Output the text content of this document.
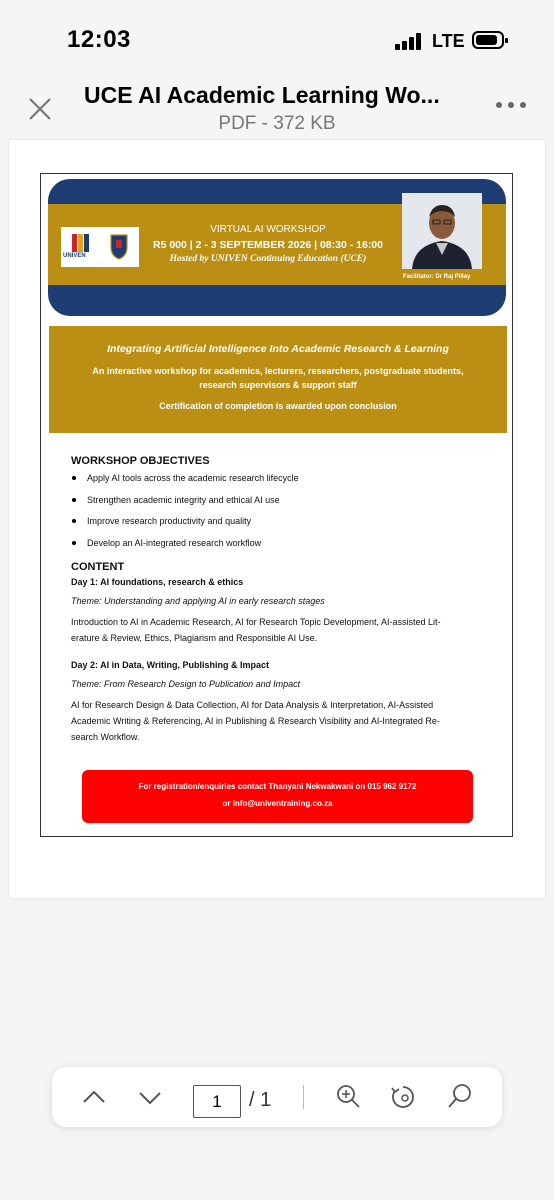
12:03	LTE
UCE AI Academic Learning Wo...
PDF - 372 KB
UNIVEN
VIRTUAL AI WORKSHOP
R5 000 | 2 - 3 SEPTEMBER 2026 | 08:30 - 16:00
Hosted by UNIVEN Continuing Education (UCE)
Facilitator: Dr Raj Pillay
Integrating Artificial Intelligence Into Academic Research & Learning
An interactive workshop for academics, lecturers, researchers, postgraduate students,
research supervisors & support staff
Certification of completion is awarded upon conclusion
WORKSHOP OBJECTIVES
Apply AI tools across the academic research lifecycle
Strengthen academic integrity and ethical AI use
Improve research productivity and quality
Develop an AI-integrated research workflow
CONTENT
Day 1: AI foundations, research & ethics
Theme: Understanding and applying AI in early research stages
Introduction to AI in Academic Research, AI for Research Topic Development, AI-assisted Lit-
erature & Review, Ethics, Plagiarism and Responsible AI Use.
Day 2: AI in Data, Writing, Publishing & Impact
Theme: From Research Design to Publication and Impact
AI for Research Design & Data Collection, AI for Data Analysis & Interpretation, AI-Assisted
Academic Writing & Referencing, AI in Publishing & Research Visibility and AI-Integrated Re-
search Workflow.
For registration/enquiries contact Thanyani Nekwakwani on 015 962 9172
or info@univentraining.co.za
1	/ 1
